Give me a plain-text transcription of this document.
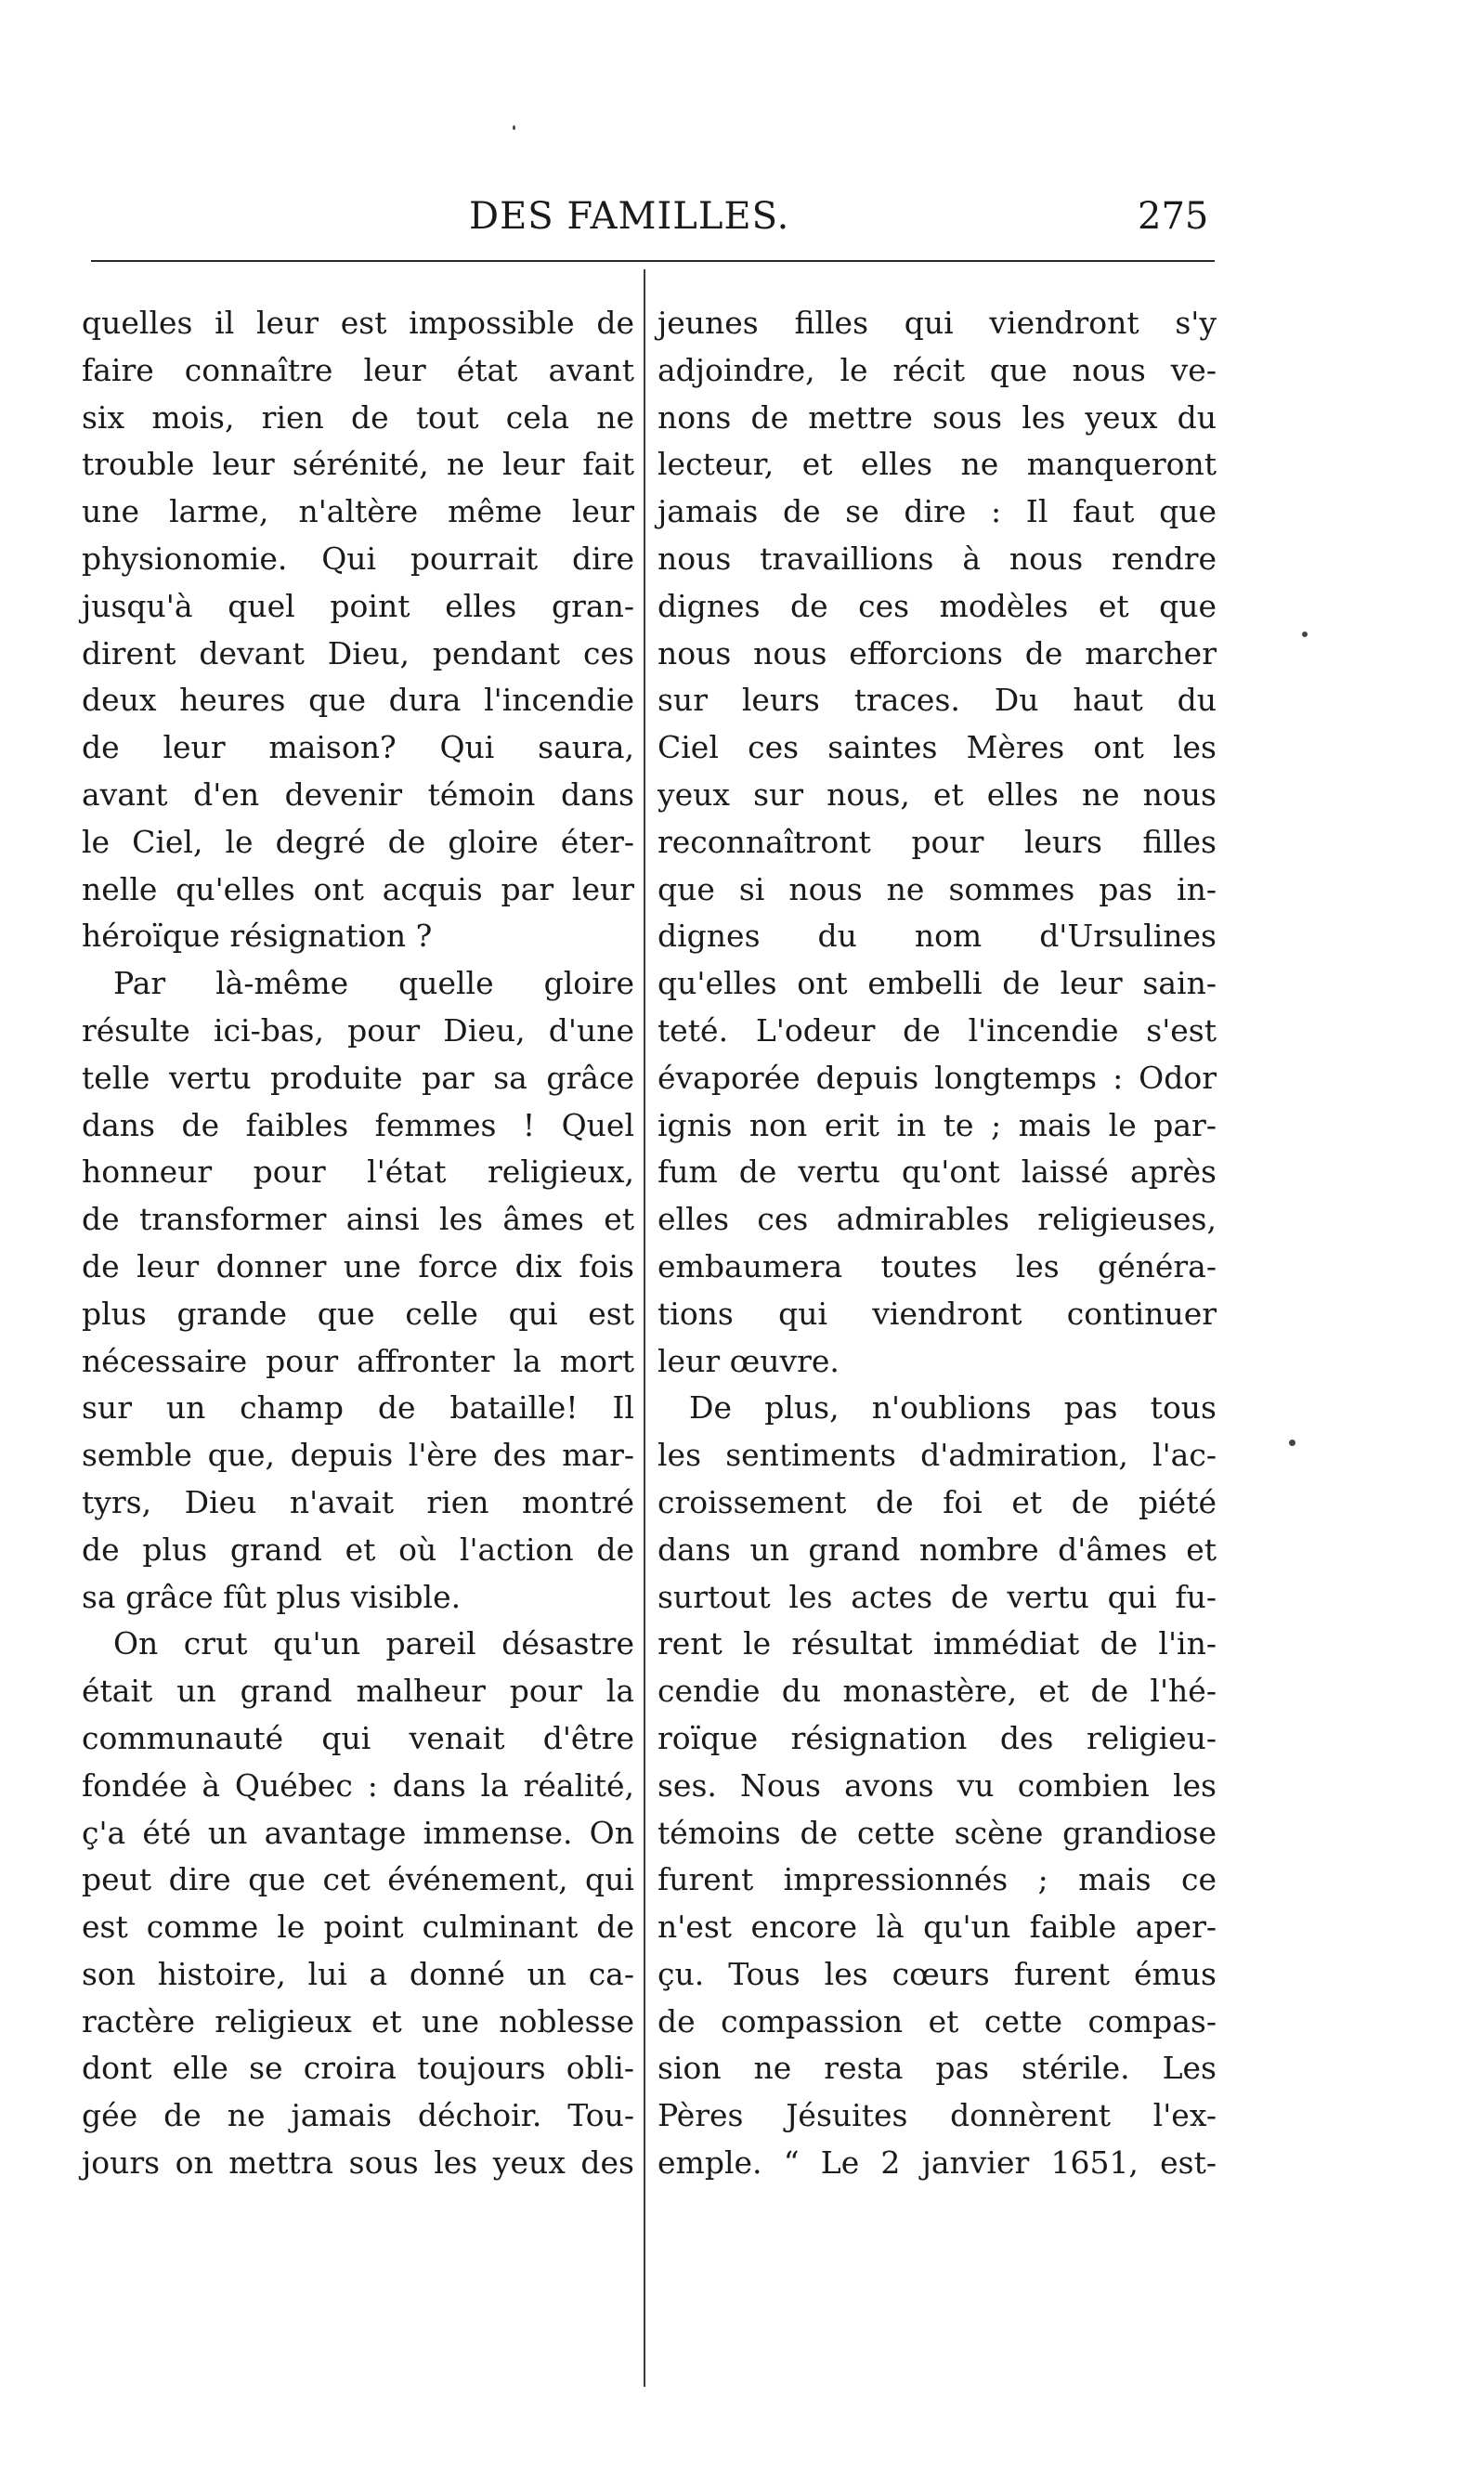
DES FAMILLES.	275
quelles il leur est impossible de
faire connaître leur état avant
six mois, rien de tout cela ne
trouble leur sérénité, ne leur fait
une larme, n'altère même leur
physionomie. Qui pourrait dire
jusqu'à quel point elles gran-
dirent devant Dieu, pendant ces
deux heures que dura l'incendie
de leur maison? Qui saura,
avant d'en devenir témoin dans
le Ciel, le degré de gloire éter-
nelle qu'elles ont acquis par leur
héroïque résignation ?
Par là-même quelle gloire
résulte ici-bas, pour Dieu, d'une
telle vertu produite par sa grâce
dans de faibles femmes ! Quel
honneur pour l'état religieux,
de transformer ainsi les âmes et
de leur donner une force dix fois
plus grande que celle qui est
nécessaire pour affronter la mort
sur un champ de bataille! Il
semble que, depuis l'ère des mar-
tyrs, Dieu n'avait rien montré
de plus grand et où l'action de
sa grâce fût plus visible.
On crut qu'un pareil désastre
était un grand malheur pour la
communauté qui venait d'être
fondée à Québec : dans la réalité,
ç'a été un avantage immense. On
peut dire que cet événement, qui
est comme le point culminant de
son histoire, lui a donné un ca-
ractère religieux et une noblesse
dont elle se croira toujours obli-
gée de ne jamais déchoir. Tou-
jours on mettra sous les yeux des
jeunes filles qui viendront s'y
adjoindre, le récit que nous ve-
nons de mettre sous les yeux du
lecteur, et elles ne manqueront
jamais de se dire : Il faut que
nous travaillions à nous rendre
dignes de ces modèles et que
nous nous efforcions de marcher
sur leurs traces. Du haut du
Ciel ces saintes Mères ont les
yeux sur nous, et elles ne nous
reconnaîtront pour leurs filles
que si nous ne sommes pas in-
dignes du nom d'Ursulines
qu'elles ont embelli de leur sain-
teté. L'odeur de l'incendie s'est
évaporée depuis longtemps : Odor
ignis non erit in te ; mais le par-
fum de vertu qu'ont laissé après
elles ces admirables religieuses,
embaumera toutes les généra-
tions qui viendront continuer
leur œuvre.
De plus, n'oublions pas tous
les sentiments d'admiration, l'ac-
croissement de foi et de piété
dans un grand nombre d'âmes et
surtout les actes de vertu qui fu-
rent le résultat immédiat de l'in-
cendie du monastère, et de l'hé-
roïque résignation des religieu-
ses. Nous avons vu combien les
témoins de cette scène grandiose
furent impressionnés ; mais ce
n'est encore là qu'un faible aper-
çu. Tous les cœurs furent émus
de compassion et cette compas-
sion ne resta pas stérile. Les
Pères Jésuites donnèrent l'ex-
emple. “ Le 2 janvier 1651, est-
